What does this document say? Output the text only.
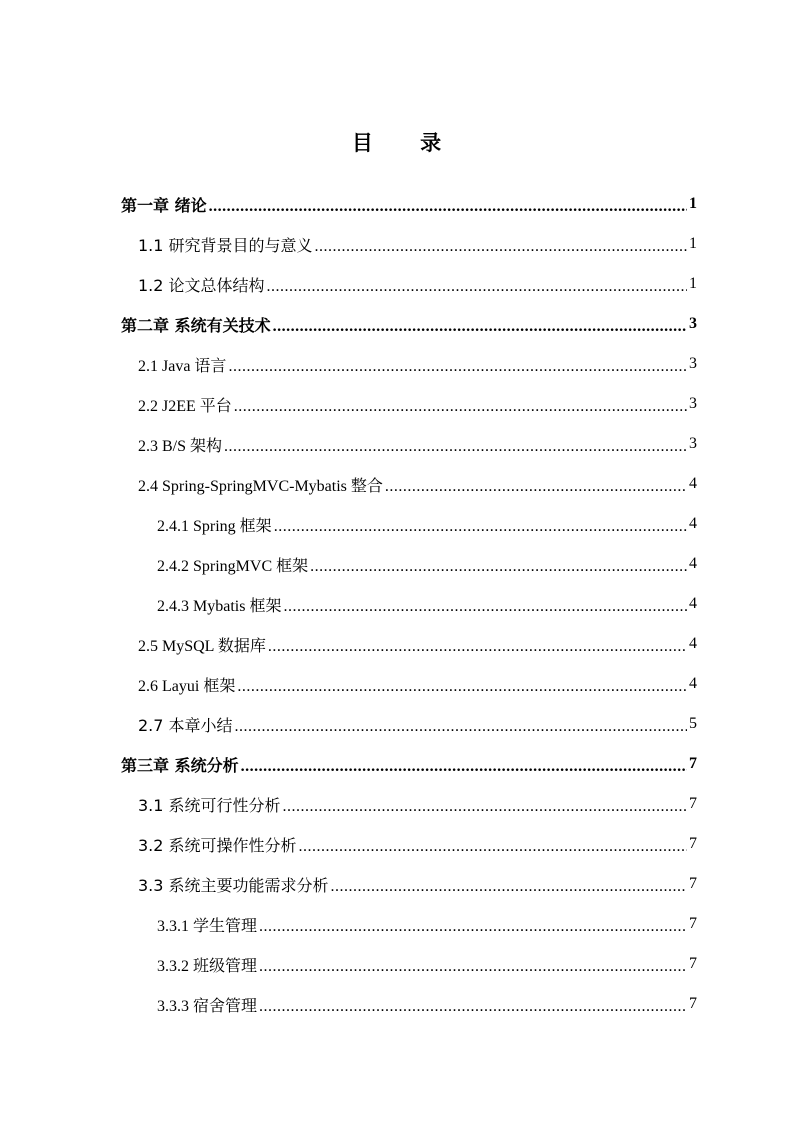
目 录
第一章 绪论 .....	1
1.1 研究背景目的与意义 .....	1
1.2 论文总体结构 .....	1
第二章 系统有关技术 .....	3
2.1 Java 语言 .....	3
2.2 J2EE 平台 .....	3
2.3 B/S 架构 .....	3
2.4 Spring-SpringMVC-Mybatis 整合 .....	4
2.4.1 Spring 框架 .....	4
2.4.2 SpringMVC 框架 .....	4
2.4.3 Mybatis 框架 .....	4
2.5 MySQL 数据库 .....	4
2.6 Layui 框架 .....	4
2.7 本章小结 .....	5
第三章 系统分析 .....	7
3.1 系统可行性分析 .....	7
3.2 系统可操作性分析 .....	7
3.3 系统主要功能需求分析 .....	7
3.3.1 学生管理 .....	7
3.3.2 班级管理 .....	7
3.3.3 宿舍管理 .....	7
